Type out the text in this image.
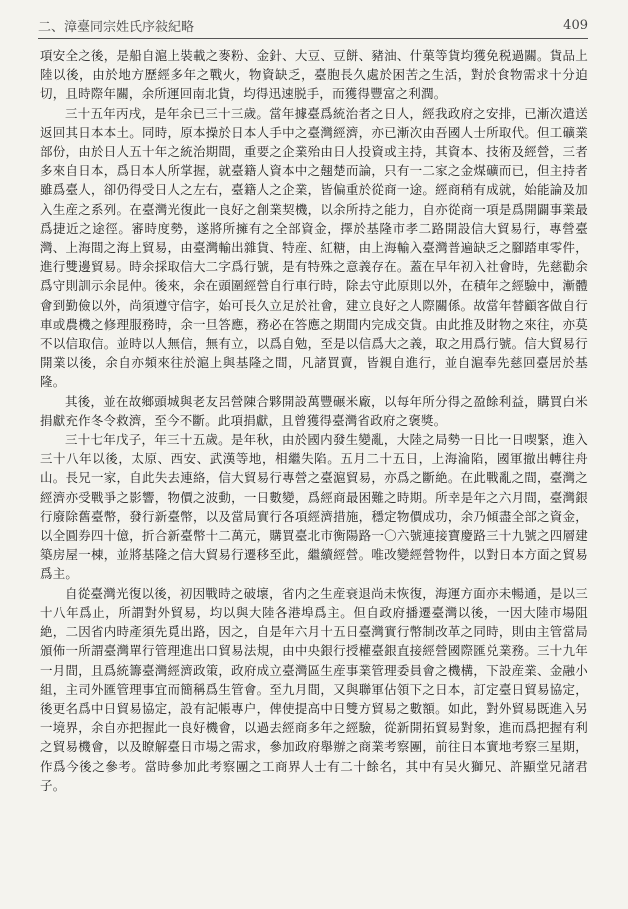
二、漳臺同宗姓氏序敍紀略	409

項安全之後，是船自滬上裝載之麥粉、金針、大豆、豆餅、豬油、什菓等貨均獲免税過關。貨品上陸以後，由於地方歷經多年之戰火，物資缺乏，臺胞長久處於困苦之生活，對於食物需求十分迫切，且時際年關，余所運回南北貨，均得迅速脱手，而獲得豐富之利潤。

三十五年丙戌，是年余已三十三歲。當年據臺爲統治者之日人，經我政府之安排，已漸次遣送返回其日本本土。同時，原本操於日本人手中之臺灣經濟，亦已漸次由吾國人士所取代。但工礦業部份，由於日人五十年之統治期間，重要之企業殆由日人投資或主持，其資本、技術及經營，三者多來自日本，爲日本人所掌握，就臺籍人資本中之翹楚而論，只有一二家之金煤礦而已，但主持者雖爲臺人，卻仍得受日人之左右，臺籍人之企業，皆偏重於從商一途。經商稍有成就，始能論及加入生産之系列。在臺灣光復此一良好之創業契機，以余所持之能力，自亦從商一項是爲開闢事業最爲捷近之途徑。審時度勢，遂將所擁有之全部資金，擇於基隆市孝二路開設信大貿易行，專營臺灣、上海間之海上貿易，由臺灣輸出雜貨、特産、紅糖，由上海輸入臺灣普遍缺乏之腳踏車零件，進行雙邊貿易。時余採取信大二字爲行號，是有特殊之意義存在。蓋在早年初入社會時，先慈勸余爲守則訓示余昆仲。後來，余在頭圍經營自行車行時，除去守此原則以外，在積年之經驗中，漸體會到勤儉以外，尚須遵守信字，始可長久立足於社會，建立良好之人際關係。故當年替顧客做自行車或農機之修理服務時，余一旦答應，務必在答應之期間内完成交貨。由此推及財物之來往，亦莫不以信取信。並時以人無信，無有立，以爲自勉，至是以信爲大之義，取之用爲行號。信大貿易行開業以後，余自亦頻來往於滬上與基隆之間，凡諸買賣，皆親自進行，並自滬奉先慈回臺居於基隆。

其後，並在故鄉頭城與老友呂營陳合夥開設萬豐碾米廠，以每年所分得之盈餘利益，購買白米捐獻充作冬令救濟，至今不斷。此項捐獻，且曾獲得臺灣省政府之褒獎。

三十七年戊子，年三十五歲。是年秋，由於國内發生變亂，大陸之局勢一日比一日喫緊，進入三十八年以後，太原、西安、武漢等地，相繼失陷。五月二十五日，上海淪陷，國軍撤出轉往舟山。長兄一家，自此失去連絡，信大貿易行專營之臺滬貿易，亦爲之斷絶。在此戰亂之間，臺灣之經濟亦受戰爭之影響，物價之波動，一日數變，爲經商最困難之時期。所幸是年之六月間，臺灣銀行廢除舊臺幣，發行新臺幣，以及當局實行各項經濟措施，穩定物價成功，余乃傾盡全部之資金，以全圓券四十億，折合新臺幣十二萬元，購買臺北市衡陽路一〇六號連接寶慶路三十九號之四層建築房屋一棟，並將基隆之信大貿易行遷移至此，繼續經營。唯改變經營物件，以對日本方面之貿易爲主。

自從臺灣光復以後，初因戰時之破壞，省内之生産衰退尚未恢復，海運方面亦未暢通，是以三十八年爲止，所謂對外貿易，均以與大陸各港埠爲主。但自政府播遷臺灣以後，一因大陸市場阻絶，二因省内時產須先覓出路，因之，自是年六月十五日臺灣實行幣制改革之同時，則由主管當局頒佈一所謂臺灣單行管理進出口貿易法規，由中央銀行授權臺銀直接經營國際匯兑業務。三十九年一月間，且爲統籌臺灣經濟政策，政府成立臺灣區生産事業管理委員會之機構，下設産業、金融小組，主司外匯管理事宜而簡稱爲生管會。至九月間，又與聯軍佔領下之日本，訂定臺日貿易協定，後更名爲中日貿易協定，設有記帳專户，俾使提高中日雙方貿易之數額。如此，對外貿易既進入另一境界，余自亦把握此一良好機會，以過去經商多年之經驗，從新開拓貿易對象，進而爲把握有利之貿易機會，以及瞭解臺日市場之需求，參加政府舉辦之商業考察團，前往日本實地考察三星期，作爲今後之參考。當時參加此考察團之工商界人士有二十餘名，其中有吴火獅兄、許顯堂兄諸君子。
